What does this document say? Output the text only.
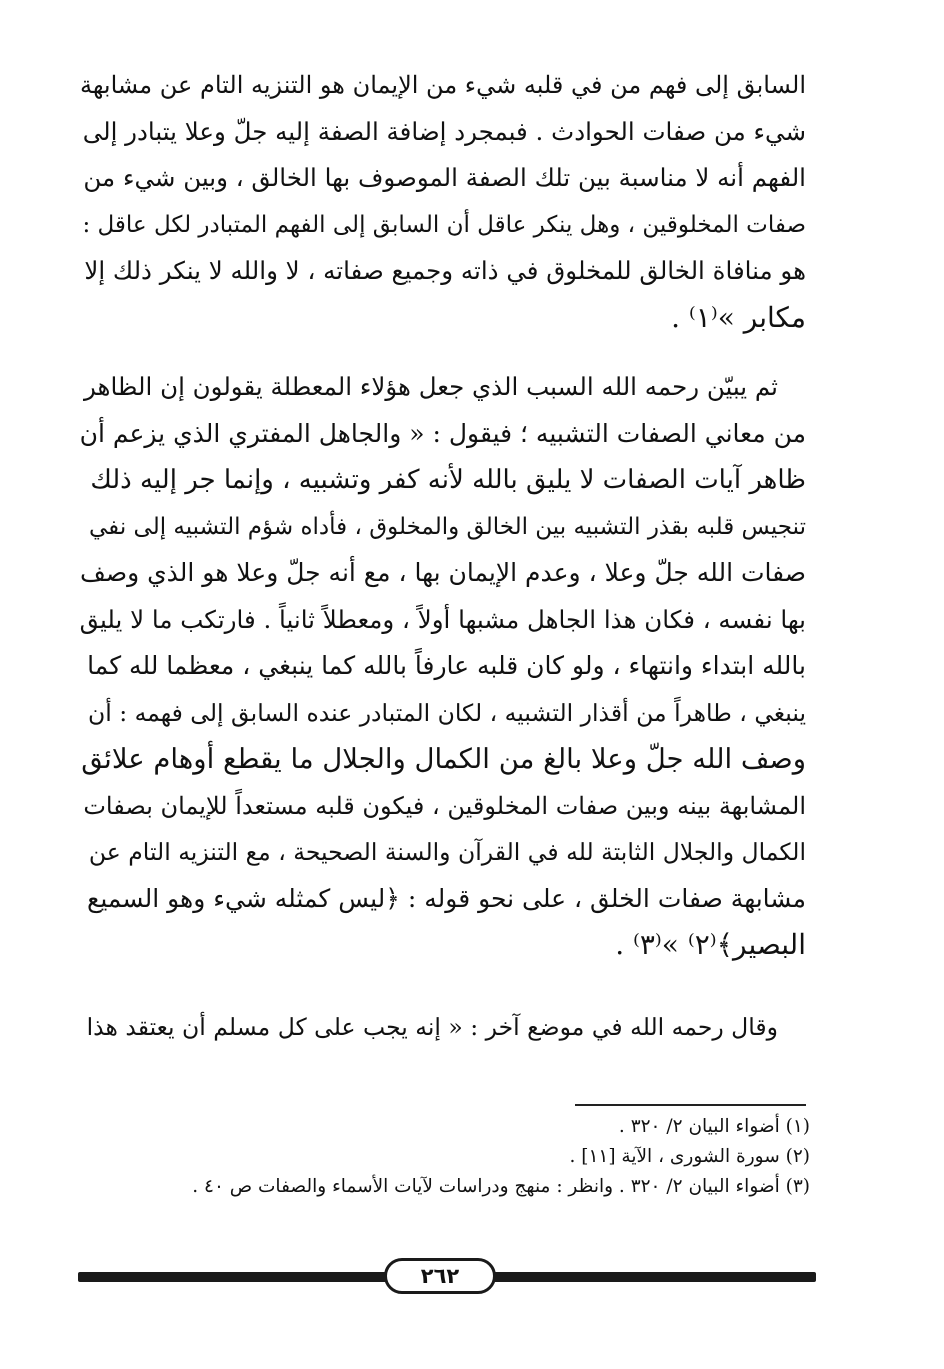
السابق إلى فهم من في قلبه شيء من الإيمان هو التنزيه التام عن مشابهة
شيء من صفات الحوادث . فبمجرد إضافة الصفة إليه جلّ وعلا يتبادر إلى
الفهم أنه لا مناسبة بين تلك الصفة الموصوف بها الخالق ، وبين شيء من
صفات المخلوقين ، وهل ينكر عاقل أن السابق إلى الفهم المتبادر لكل عاقل :
هو منافاة الخالق للمخلوق في ذاته وجميع صفاته ، لا والله لا ينكر ذلك إلا
مكابر »⁽١⁾ .
ثم يبيّن رحمه الله السبب الذي جعل هؤلاء المعطلة يقولون إن الظاهر
من معاني الصفات التشبيه ؛ فيقول : « والجاهل المفتري الذي يزعم أن
ظاهر آيات الصفات لا يليق بالله لأنه كفر وتشبيه ، وإنما جر إليه ذلك
تنجيس قلبه بقذر التشبيه بين الخالق والمخلوق ، فأداه شؤم التشبيه إلى نفي
صفات الله جلّ وعلا ، وعدم الإيمان بها ، مع أنه جلّ وعلا هو الذي وصف
بها نفسه ، فكان هذا الجاهل مشبها أولاً ، ومعطلاً ثانياً . فارتكب ما لا يليق
بالله ابتداء وانتهاء ، ولو كان قلبه عارفاً بالله كما ينبغي ، معظما لله كما
ينبغي ، طاهراً من أقذار التشبيه ، لكان المتبادر عنده السابق إلى فهمه : أن
وصف الله جلّ وعلا بالغ من الكمال والجلال ما يقطع أوهام علائق
المشابهة بينه وبين صفات المخلوقين ، فيكون قلبه مستعداً للإيمان بصفات
الكمال والجلال الثابتة لله في القرآن والسنة الصحيحة ، مع التنزيه التام عن
مشابهة صفات الخلق ، على نحو قوله : ﴿ليس كمثله شيء وهو السميع
البصير﴾⁽٢⁾ »⁽٣⁾ .
وقال رحمه الله في موضع آخر : « إنه يجب على كل مسلم أن يعتقد هذا
(١) أضواء البيان ٢/ ٣٢٠ .
(٢) سورة الشورى ، الآية [١١] .
(٣) أضواء البيان ٢/ ٣٢٠ . وانظر : منهج ودراسات لآيات الأسماء والصفات ص ٤٠ .
٢٦٢
